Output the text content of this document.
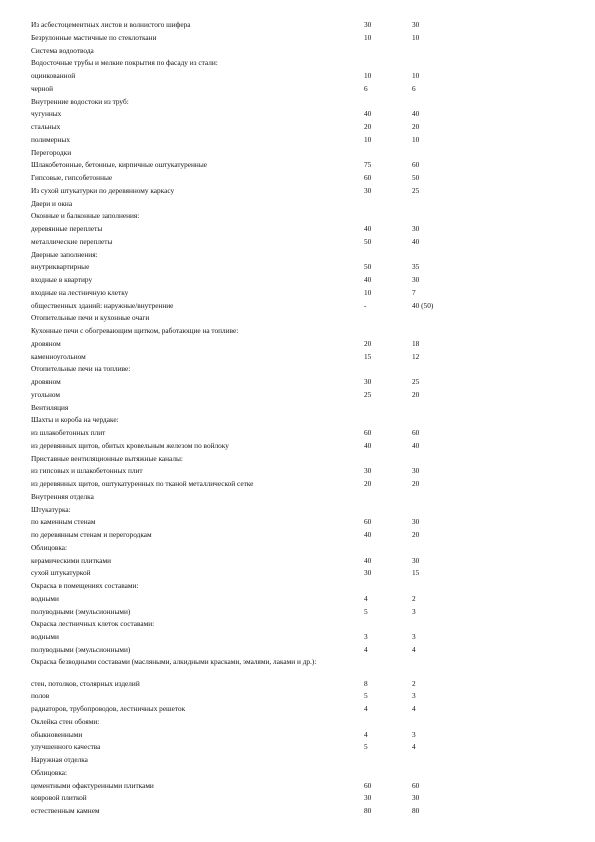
Из асбестоцементных листов и волнистого шифера	30	30
Безрулонные мастичные по стеклоткани	10	10
Система водоотвода
Водосточные трубы и мелкие покрытия по фасаду из стали:
оцинкованной	10	10
черной	6	6
Внутренние водостоки из труб:
чугунных	40	40
стальных	20	20
полимерных	10	10
Перегородки
Шлакобетонные, бетонные, кирпичные оштукатуренные	75	60
Гипсовые, гипсобетонные	60	50
Из сухой штукатурки по деревянному каркасу	30	25
Двери и окна
Оконные и балконные заполнения:
деревянные переплеты	40	30
металлические переплеты	50	40
Дверные заполнения:
внутриквартирные	50	35
входные в квартиру	40	30
входные на лестничную клетку	10	7
общественных зданий: наружные/внутренние	-	40 (50)
Отопительные печи и кухонные очаги
Кухонные печи с обогревающим щитком, работающие на топливе:
дровяном	20	18
каменноугольном	15	12
Отопительные печи на топливе:
дровяном	30	25
угольном	25	20
Вентиляция
Шахты и короба на чердаке:
из шлакобетонных плит	60	60
из деревянных щитов, обитых кровельным железом по войлоку	40	40
Приставные вентиляционные вытяжные каналы:
из гипсовых и шлакобетонных плит	30	30
из деревянных щитов, оштукатуренных по тканой металлической сетке	20	20
Внутренняя отделка
Штукатурка:
по каменным стенам	60	30
по деревянным стенам и перегородкам	40	20
Облицовка:
керамическими плитками	40	30
сухой штукатуркой	30	15
Окраска в помещениях составами:
водными	4	2
полуводными (эмульсионными)	5	3
Окраска лестничных клеток составами:
водными	3	3
полуводными (эмульсионными)	4	4
Окраска безводными составами (масляными, алкидными красками, эмалями, лаками и др.):
стен, потолков, столярных изделий	8	2
полов	5	3
радиаторов, трубопроводов, лестничных решеток	4	4
Оклейка стен обоями:
обыкновенными	4	3
улучшенного качества	5	4
Наружная отделка
Облицовка:
цементными офактуренными плитками	60	60
ковровой плиткой	30	30
естественным камнем	80	80
